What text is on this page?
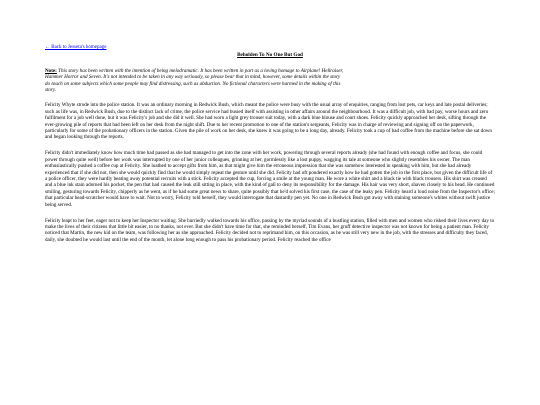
← Back to Jesseta's homepage
Beholden To No One But God
Note: This story has been written with the intention of being melodramatic. It has been written in part as a loving homage to Airplane! Hellraiser, Hammer Horror and Seven. It's not intended to be taken in any way seriously, so please bear that in mind, however, some details within the story do touch on some subjects which some people may find distressing, such as abduction. No fictional characters were harmed in the making of this story.
Felicity Whyte strode into the police station. It was an ordinary morning in Redwick Bush, which meant the police were busy with the usual array of enquiries, ranging from lost pets, car keys and late postal deliveries; such as life was, in Redwick Bush, due to the distinct lack of crime, the police service had busied itself with assisting in other affairs around the neighbourhood. It was a difficult job, with bad pay, worse hours and zero fulfilment for a job well done, but it was Felicity's job and she did it well. She had worn a light grey trouser suit today, with a dark blue blouse and court shoes. Felicity quickly approached her desk, sifting through the ever-growing pile of reports that had been left on her desk from the night shift. Due to her recent promotion to one of the station's sergeants, Felicity was in charge of reviewing and signing off on the paperwork, particularly for some of the probationary officers in the station. Given the pile of work on her desk, she knew it was going to be a long day, already. Felicity took a cup of bad coffee from the machine before she sat down and began looking through the reports.
Felicity didn't immediately know how much time had passed as she had managed to get into the zone with her work, powering through several reports already (she had found with enough coffee and focus, she could power through quite well) before her work was interrupted by one of her junior colleagues, grinning at her, gormlessly like a lost puppy, wagging its tale at someone who slightly resembles his owner. The man enthusiastically pushed a coffee cup at Felicity. She loathed to accept gifts from him, as that might give him the erroneous impression that she was somehow interested in speaking with him, but she had already experienced that if she did not, then she would quickly find that he would simply repeat the gesture until she did. Felicity had oft pondered exactly how he had gotten the job in the first place, but given the difficult life of a police officer, they were hardly beating away potential recruits with a stick. Felicity accepted the cup, forcing a smile at the young man. He wore a white shirt and a black tie with black trousers. His shirt was creased and a blue ink stain adorned his pocket, the pen that had caused the leak still sitting in place, with the kind of gall to deny its responsibility for the damage. His hair was very short, shaven closely to his head. He continued smiling, gesturing towards Felicity, chipperly as he went, as if he had some great news to share, quite possibly that he'd solved his first case, the case of the leaky pen. Felicity heard a loud noise from the Inspector's office; that particular head-scratcher would have to wait. Not to worry, Felicity told herself, they would interrogate that dastardly pen yet. No one in Redwick Bush got away with staining someone's whites without swift justice being served.
Felicity leapt to her feet, eager not to keep her Inspector waiting. She hurriedly walked towards his office, passing by the myriad sounds of a bustling station, filled with men and women who risked their lives every day to make the lives of their citizens that little bit easier, to no thanks, not ever. But she didn't have time for that, she reminded herself, Tim Evans, her gruff detective inspector was not known for being a patient man. Felicity noticed that Martin, the new kid on the team, was following her as she approached. Felicity decided not to reprimand him, on this occasion, as he was still very new in the job, with the stresses and difficulty they faced, daily, she doubted he would last until the end of the month, let alone long enough to pass his probationary period. Felicity reached the office
